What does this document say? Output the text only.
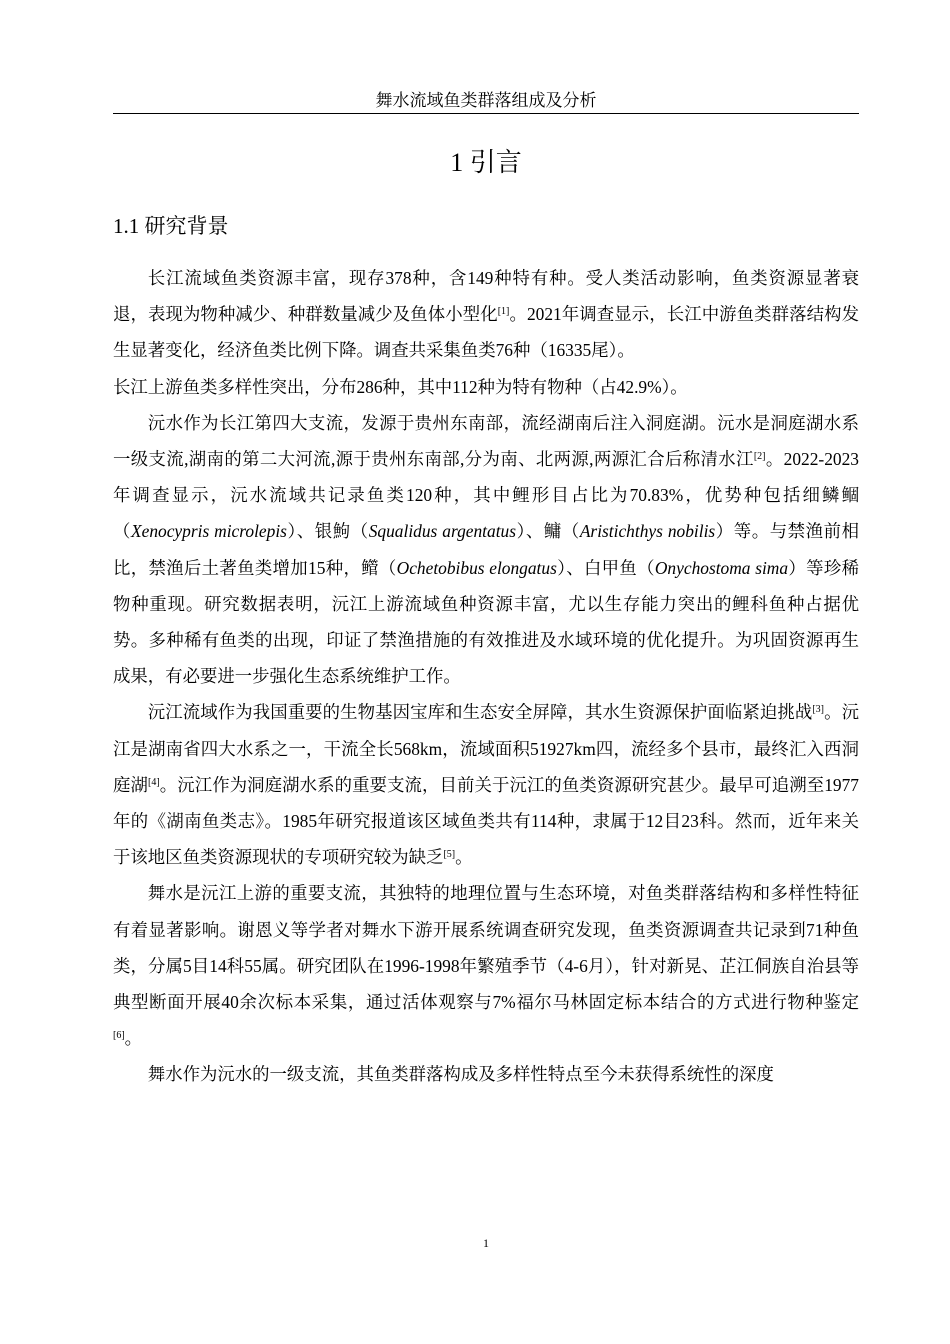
舞水流域鱼类群落组成及分析
1 引言
1.1 研究背景

长江流域鱼类资源丰富，现存378种，含149种特有种。受人类活动影响，鱼类资源显著衰退，表现为物种减少、种群数量减少及鱼体小型化[1]。2021年调查显示，长江中游鱼类群落结构发生显著变化，经济鱼类比例下降。调查共采集鱼类76种（16335尾）。

长江上游鱼类多样性突出，分布286种，其中112种为特有物种（占42.9%）。

沅水作为长江第四大支流，发源于贵州东南部，流经湖南后注入洞庭湖。沅水是洞庭湖水系一级支流,湖南的第二大河流,源于贵州东南部,分为南、北两源,两源汇合后称清水江[2]。2022-2023年调查显示，沅水流域共记录鱼类120种，其中鲤形目占比为70.83%，优势种包括细鳞鲴（Xenocypris microlepis）、银鮈（Squalidus argentatus）、鳙（Aristichthys nobilis）等。与禁渔前相比，禁渔后土著鱼类增加15种，鳤（Ochetobibus elongatus）、白甲鱼（Onychostoma sima）等珍稀物种重现。研究数据表明，沅江上游流域鱼种资源丰富，尤以生存能力突出的鲤科鱼种占据优势。多种稀有鱼类的出现，印证了禁渔措施的有效推进及水域环境的优化提升。为巩固资源再生成果，有必要进一步强化生态系统维护工作。

沅江流域作为我国重要的生物基因宝库和生态安全屏障，其水生资源保护面临紧迫挑战[3]。沅江是湖南省四大水系之一，干流全长568km，流域面积51927km四，流经多个县市，最终汇入西洞庭湖[4]。沅江作为洞庭湖水系的重要支流，目前关于沅江的鱼类资源研究甚少。最早可追溯至1977年的《湖南鱼类志》。1985年研究报道该区域鱼类共有114种，隶属于12目23科。然而，近年来关于该地区鱼类资源现状的专项研究较为缺乏[5]。

舞水是沅江上游的重要支流，其独特的地理位置与生态环境，对鱼类群落结构和多样性特征有着显著影响。谢恩义等学者对舞水下游开展系统调查研究发现，鱼类资源调查共记录到71种鱼类，分属5目14科55属。研究团队在1996-1998年繁殖季节（4-6月），针对新晃、芷江侗族自治县等典型断面开展40余次标本采集，通过活体观察与7%福尔马林固定标本结合的方式进行物种鉴定[6]。

舞水作为沅水的一级支流，其鱼类群落构成及多样性特点至今未获得系统性的深度

1
